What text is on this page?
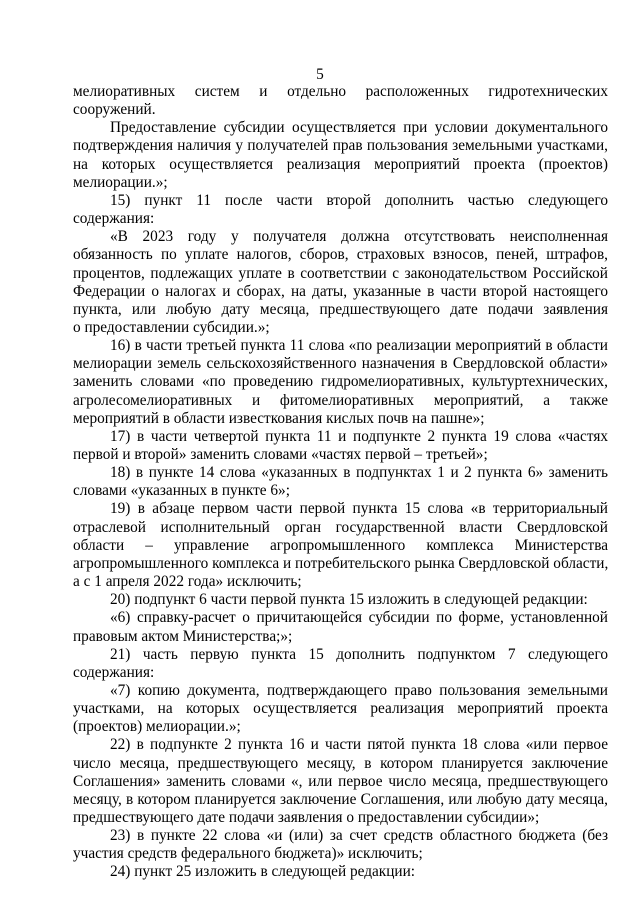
5
мелиоративных систем и отдельно расположенных гидротехнических
сооружений.
Предоставление субсидии осуществляется при условии документального
подтверждения наличия у получателей прав пользования земельными участками,
на которых осуществляется реализация мероприятий проекта (проектов)
мелиорации.»;
15) пункт 11 после части второй дополнить частью следующего
содержания:
«В 2023 году у получателя должна отсутствовать неисполненная
обязанность по уплате налогов, сборов, страховых взносов, пеней, штрафов,
процентов, подлежащих уплате в соответствии с законодательством Российской
Федерации о налогах и сборах, на даты, указанные в части второй настоящего
пункта, или любую дату месяца, предшествующего дате подачи заявления
о предоставлении субсидии.»;
16) в части третьей пункта 11 слова «по реализации мероприятий в области
мелиорации земель сельскохозяйственного назначения в Свердловской области»
заменить словами «по проведению гидромелиоративных, культуртехнических,
агролесомелиоративных и фитомелиоративных мероприятий, а также
мероприятий в области известкования кислых почв на пашне»;
17) в части четвертой пункта 11 и подпункте 2 пункта 19 слова «частях
первой и второй» заменить словами «частях первой – третьей»;
18) в пункте 14 слова «указанных в подпунктах 1 и 2 пункта 6» заменить
словами «указанных в пункте 6»;
19) в абзаце первом части первой пункта 15 слова «в территориальный
отраслевой исполнительный орган государственной власти Свердловской
области – управление агропромышленного комплекса Министерства
агропромышленного комплекса и потребительского рынка Свердловской области,
а с 1 апреля 2022 года» исключить;
20) подпункт 6 части первой пункта 15 изложить в следующей редакции:
«6) справку-расчет о причитающейся субсидии по форме, установленной
правовым актом Министерства;»;
21) часть первую пункта 15 дополнить подпунктом 7 следующего
содержания:
«7) копию документа, подтверждающего право пользования земельными
участками, на которых осуществляется реализация мероприятий проекта
(проектов) мелиорации.»;
22) в подпункте 2 пункта 16 и части пятой пункта 18 слова «или первое
число месяца, предшествующего месяцу, в котором планируется заключение
Соглашения» заменить словами «, или первое число месяца, предшествующего
месяцу, в котором планируется заключение Соглашения, или любую дату месяца,
предшествующего дате подачи заявления о предоставлении субсидии»;
23) в пункте 22 слова «и (или) за счет средств областного бюджета (без
участия средств федерального бюджета)» исключить;
24) пункт 25 изложить в следующей редакции:
